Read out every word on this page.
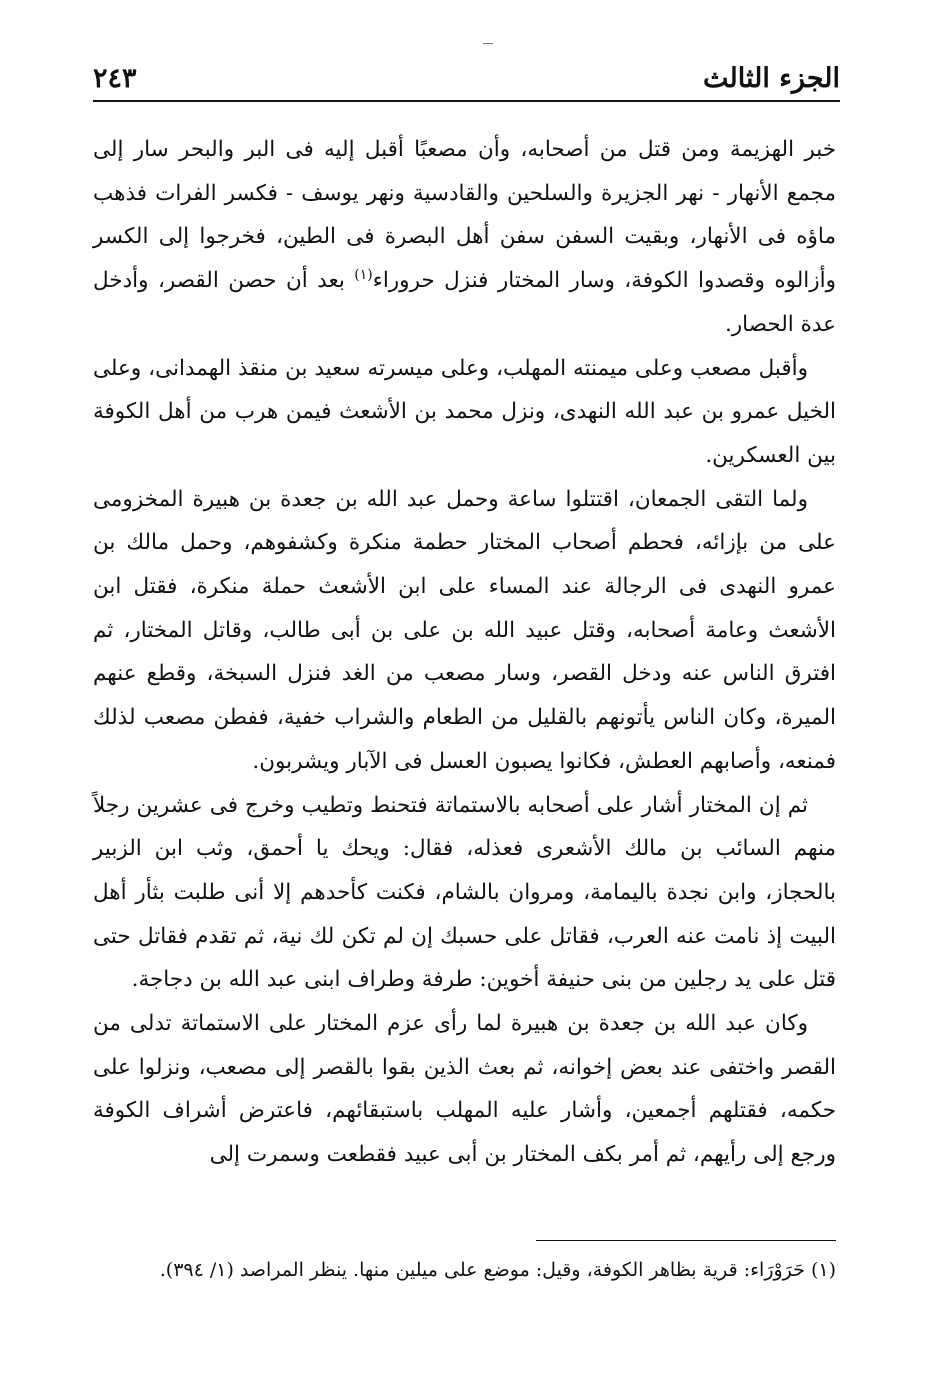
الجزء الثالث
٢٤٣

خبر الهزيمة ومن قتل من أصحابه، وأن مصعبًا أقبل إليه فى البر والبحر سار إلى مجمع الأنهار - نهر الجزيرة والسلحين والقادسية ونهر يوسف - فكسر الفرات فذهب ماؤه فى الأنهار، وبقيت السفن سفن أهل البصرة فى الطين، فخرجوا إلى الكسر وأزالوه وقصدوا الكوفة، وسار المختار فنزل حروراء$^{(١)}$ بعد أن حصن القصر، وأدخل عدة الحصار.

وأقبل مصعب وعلى ميمنته المهلب، وعلى ميسرته سعيد بن منقذ الهمدانى، وعلى الخيل عمرو بن عبد الله النهدى، ونزل محمد بن الأشعث فيمن هرب من أهل الكوفة بين العسكرين.

ولما التقى الجمعان، اقتتلوا ساعة وحمل عبد الله بن جعدة بن هبيرة المخزومى على من بإزائه، فحطم أصحاب المختار حطمة منكرة وكشفوهم، وحمل مالك بن عمرو النهدى فى الرجالة عند المساء على ابن الأشعث حملة منكرة، فقتل ابن الأشعث وعامة أصحابه، وقتل عبيد الله بن على بن أبى طالب، وقاتل المختار، ثم افترق الناس عنه ودخل القصر، وسار مصعب من الغد فنزل السبخة، وقطع عنهم الميرة، وكان الناس يأتونهم بالقليل من الطعام والشراب خفية، ففطن مصعب لذلك فمنعه، وأصابهم العطش، فكانوا يصبون العسل فى الآبار ويشربون.

ثم إن المختار أشار على أصحابه بالاستماتة فتحنط وتطيب وخرج فى عشرين رجلاً منهم السائب بن مالك الأشعرى فعذله، فقال: ويحك يا أحمق، وثب ابن الزبير بالحجاز، وابن نجدة باليمامة، ومروان بالشام، فكنت كأحدهم إلا أنى طلبت بثأر أهل البيت إذ نامت عنه العرب، فقاتل على حسبك إن لم تكن لك نية، ثم تقدم فقاتل حتى قتل على يد رجلين من بنى حنيفة أخوين: طرفة وطراف ابنى عبد الله بن دجاجة.

وكان عبد الله بن جعدة بن هبيرة لما رأى عزم المختار على الاستماتة تدلى من القصر واختفى عند بعض إخوانه، ثم بعث الذين بقوا بالقصر إلى مصعب، ونزلوا على حكمه، فقتلهم أجمعين، وأشار عليه المهلب باستبقائهم، فاعترض أشراف الكوفة ورجع إلى رأيهم، ثم أمر بكف المختار بن أبى عبيد فقطعت وسمرت إلى

(١) حَرَوْرَاء: قرية بظاهر الكوفة، وقيل: موضع على ميلين منها. ينظر المراصد (١/ ٣٩٤).
